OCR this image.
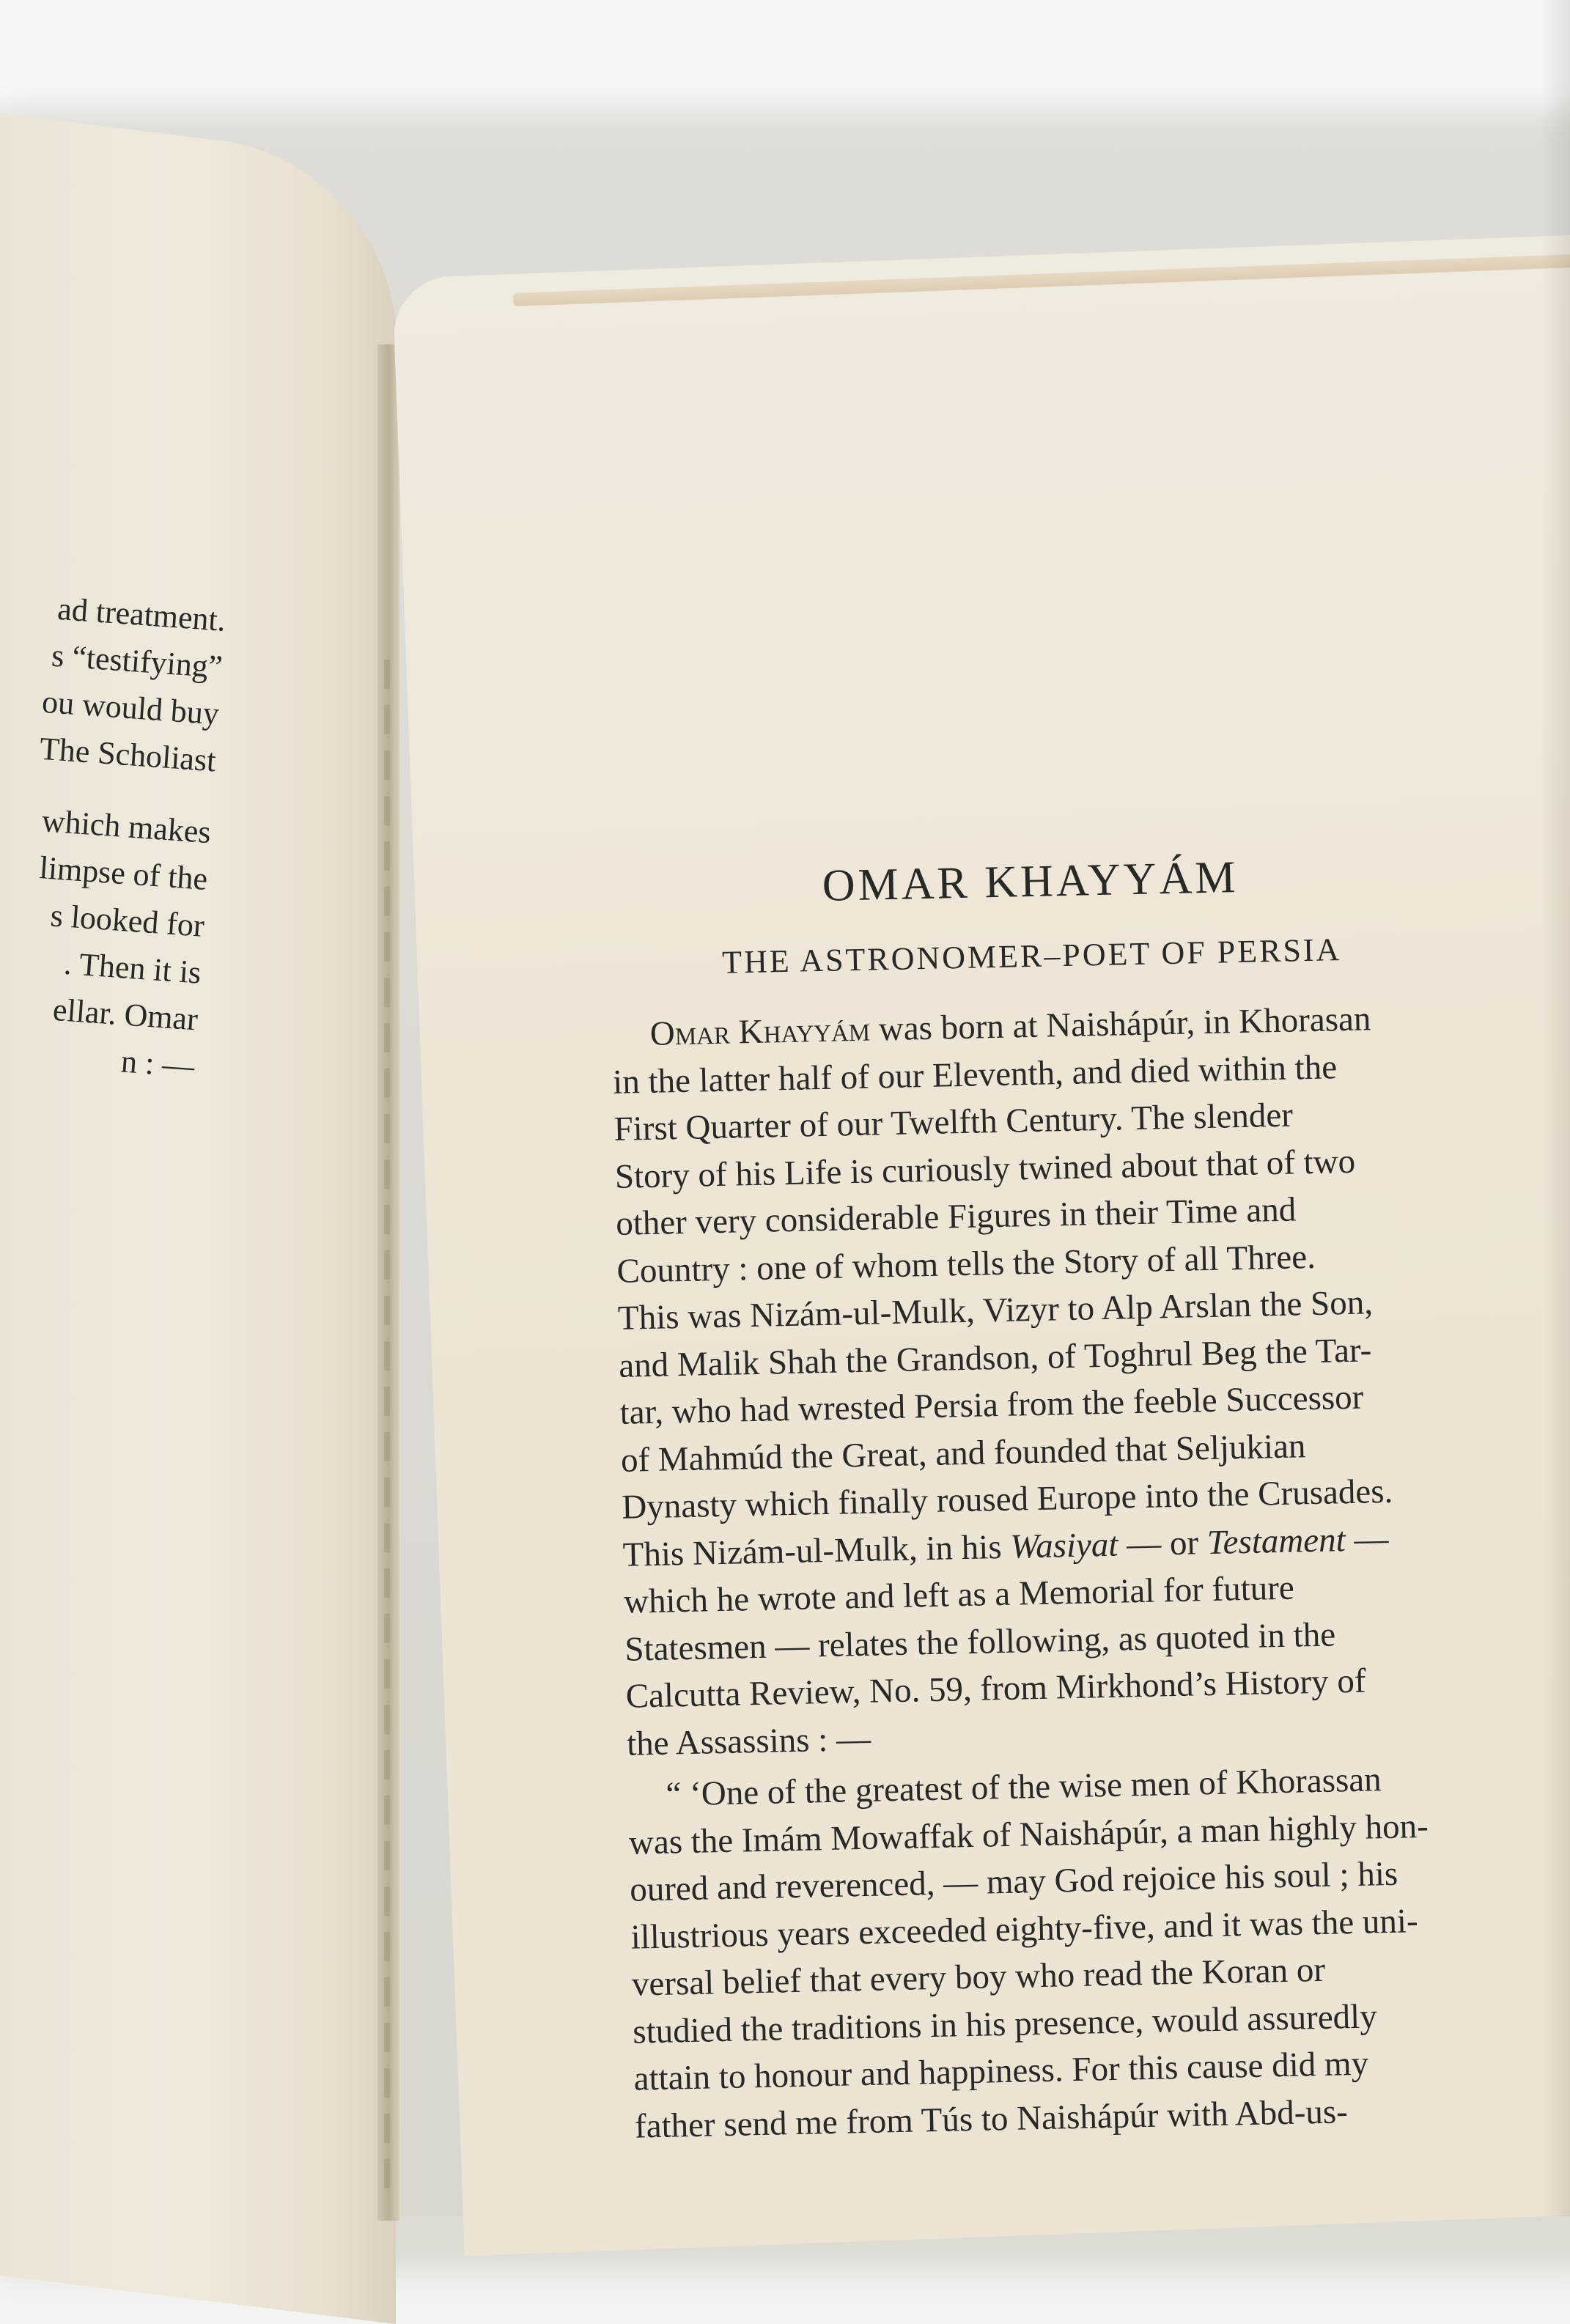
ad treatment.
s “testifying”
ou would buy
The Scholiast
which makes
limpse of the
s looked for
. Then it is
ellar. Omar
n : —
OMAR KHAYYÁM
THE ASTRONOMER–POET OF PERSIA
Omar Khayyám was born at Naishápúr, in Khorasan
in the latter half of our Eleventh, and died within the
First Quarter of our Twelfth Century. The slender
Story of his Life is curiously twined about that of two
other very considerable Figures in their Time and
Country : one of whom tells the Story of all Three.
This was Nizám-ul-Mulk, Vizyr to Alp Arslan the Son,
and Malik Shah the Grandson, of Toghrul Beg the Tar-
tar, who had wrested Persia from the feeble Successor
of Mahmúd the Great, and founded that Seljukian
Dynasty which finally roused Europe into the Crusades.
This Nizám-ul-Mulk, in his Wasiyat — or Testament —
which he wrote and left as a Memorial for future
Statesmen — relates the following, as quoted in the
Calcutta Review, No. 59, from Mirkhond’s History of
the Assassins : —
“ ‘One of the greatest of the wise men of Khorassan
was the Imám Mowaffak of Naishápúr, a man highly hon-
oured and reverenced, — may God rejoice his soul ; his
illustrious years exceeded eighty-five, and it was the uni-
versal belief that every boy who read the Koran or
studied the traditions in his presence, would assuredly
attain to honour and happiness. For this cause did my
father send me from Tús to Naishápúr with Abd-us-
